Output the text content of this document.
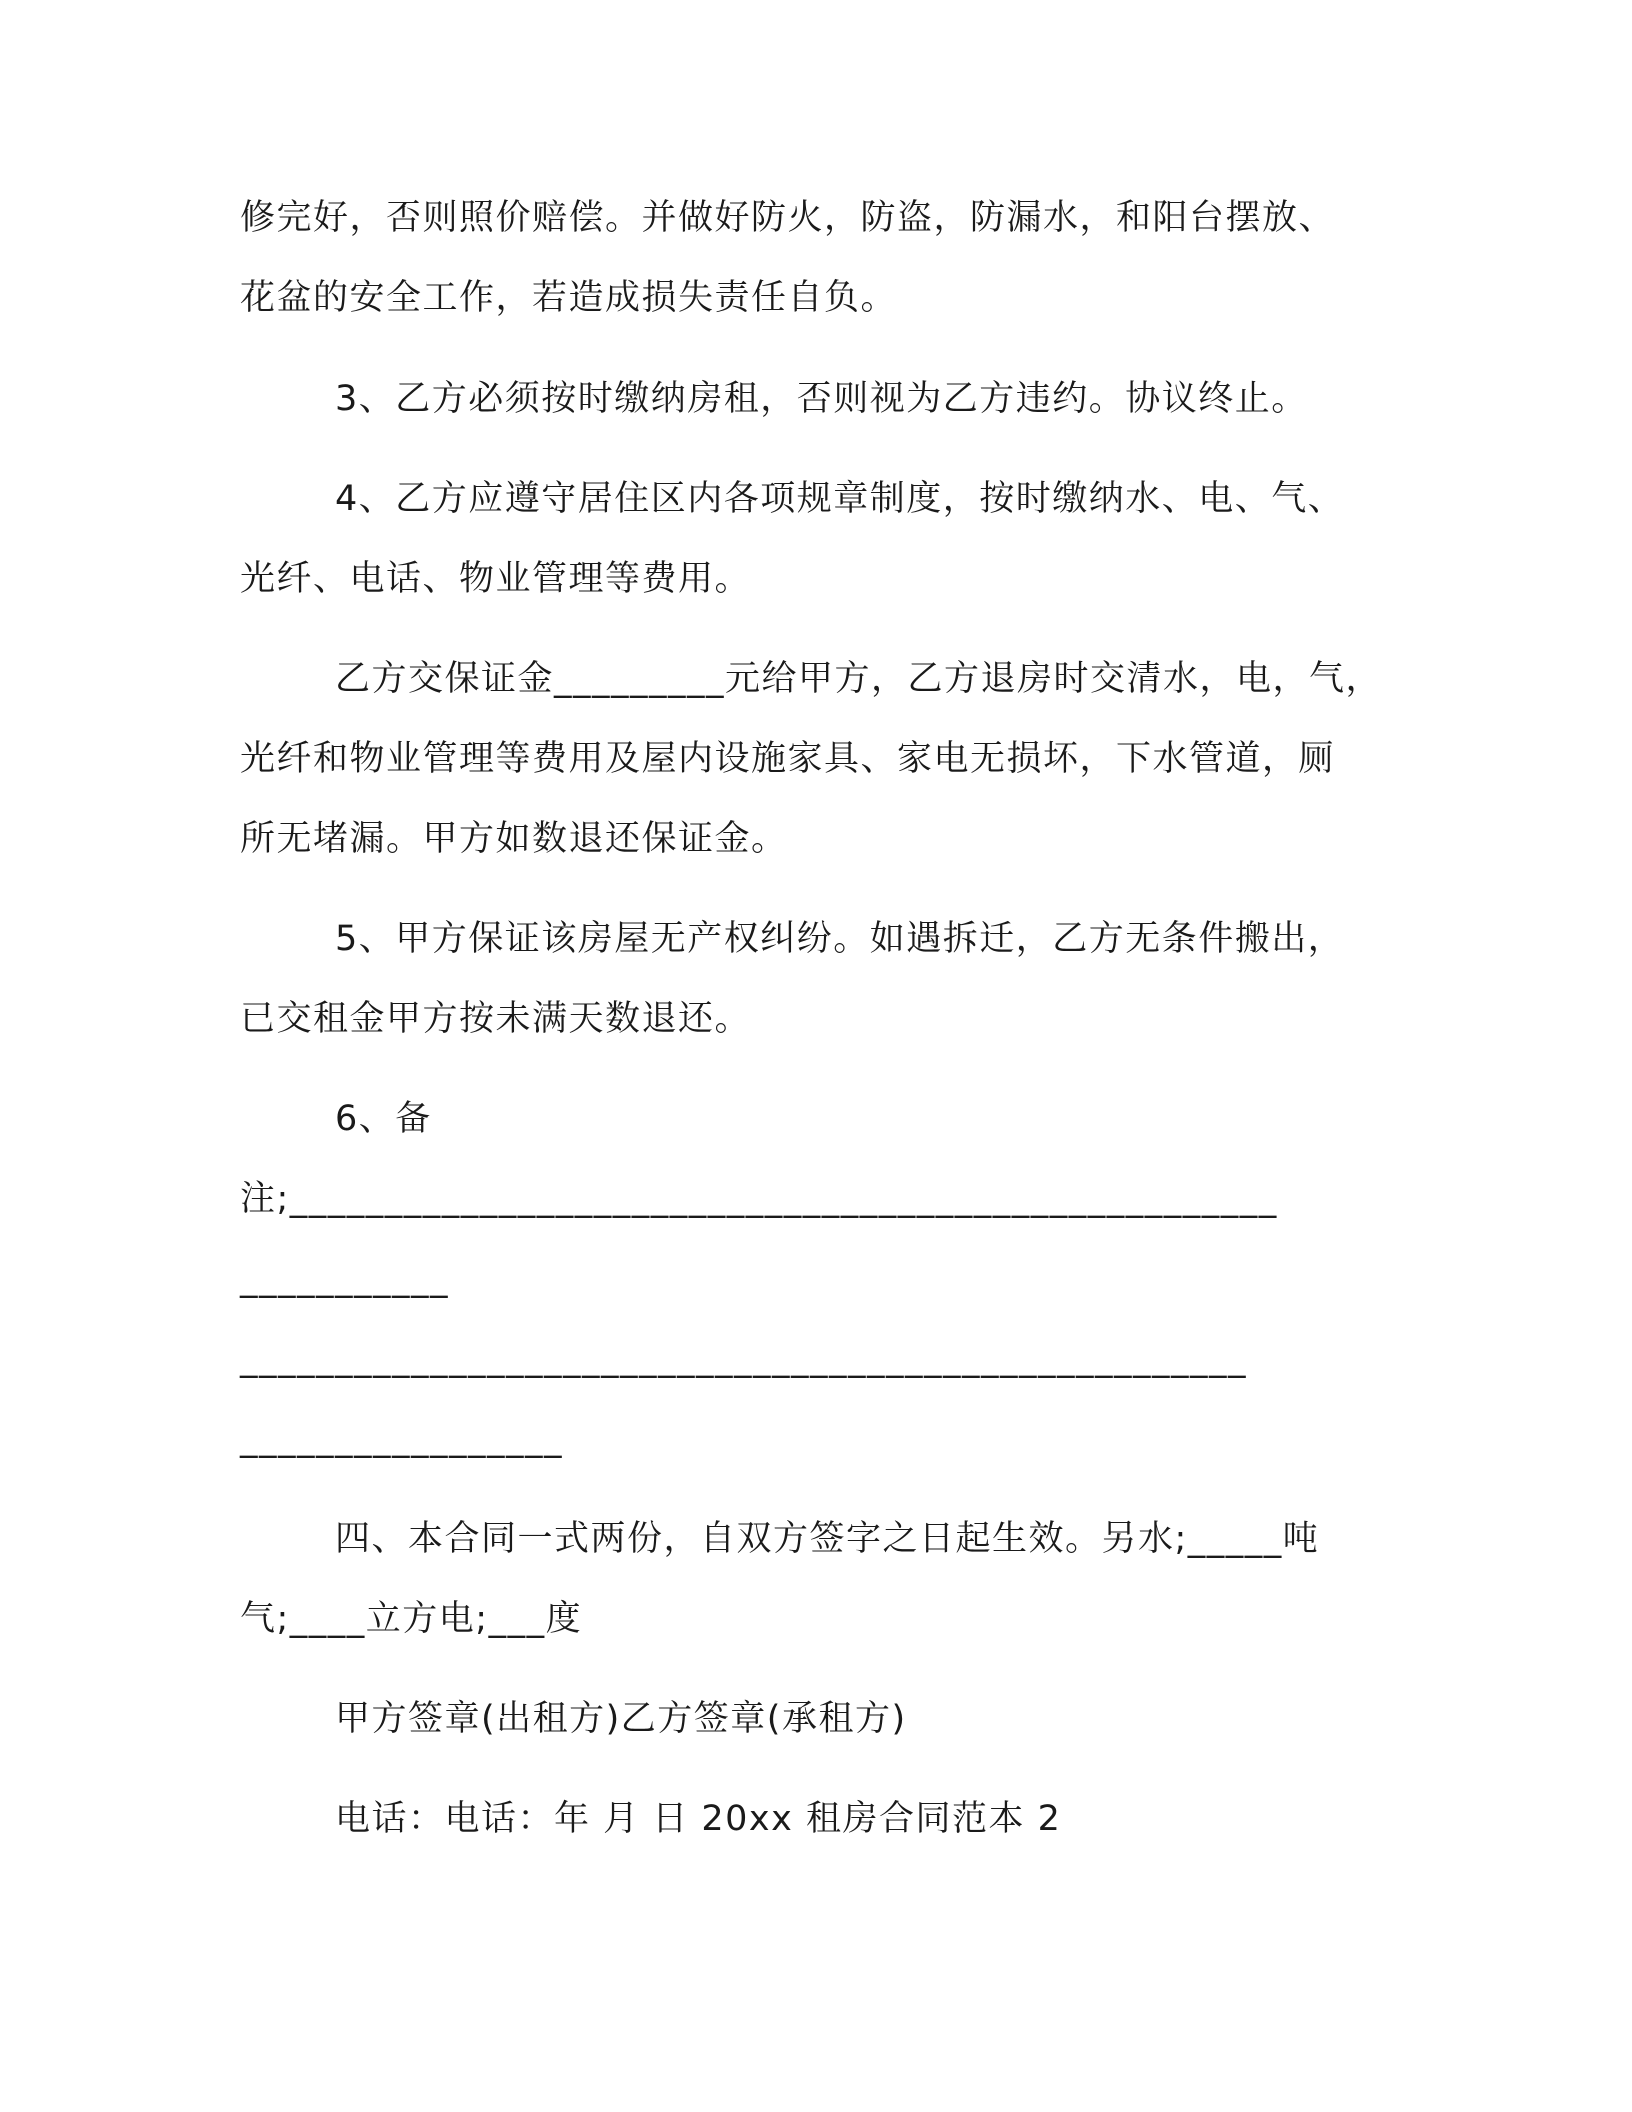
修完好，否则照价赔偿。并做好防火，防盗，防漏水，和阳台摆放、
花盆的安全工作，若造成损失责任自负。
3、乙方必须按时缴纳房租，否则视为乙方违约。协议终止。
4、乙方应遵守居住区内各项规章制度，按时缴纳水、电、气、
光纤、电话、物业管理等费用。
乙方交保证金_________元给甲方，乙方退房时交清水，电，气，
光纤和物业管理等费用及屋内设施家具、家电无损坏，下水管道，厕
所无堵漏。甲方如数退还保证金。
5、甲方保证该房屋无产权纠纷。如遇拆迁，乙方无条件搬出，
已交租金甲方按未满天数退还。
6、备
注;____________________________________________________
___________
_____________________________________________________
_________________
四、本合同一式两份，自双方签字之日起生效。另水;_____吨
气;____立方电;___度
甲方签章(出租方)乙方签章(承租方)
电话：电话：年 月 日 20xx 租房合同范本 2
